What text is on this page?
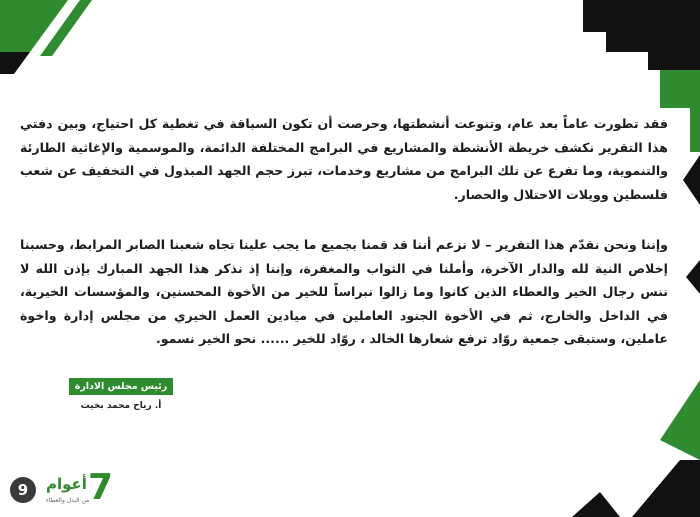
فقد تطورت عاماً بعد عام، وتنوعت أنشطتها، وحرصت أن تكون السباقة في تغطية كل احتياج، وبين دفتي هذا التقرير نكشف خريطة الأنشطة والمشاريع في البرامج المختلفة الدائمة، والموسمية والإغاثية الطارئة والتنموية، وما تفرع عن تلك البرامج من مشاريع وخدمات، تبرز حجم الجهد المبذول في التخفيف عن شعب فلسطين وويلات الاحتلال والحصار.

وإننا ونحن نقدّم هذا التقرير – لا نزعم أننا قد قمنا بجميع ما يجب علينا تجاه شعبنا الصابر المرابط، وحسبنا إخلاص النية لله والدار الآخرة، وأملنا في الثواب والمغفرة، وإننا إذ نذكر هذا الجهد المبارك بإذن الله لا ننس رجال الخير والعطاء الذين كانوا وما زالوا نبراساً للخير من الأخوة المحسنين، والمؤسسات الخيرية، في الداخل والخارج، ثم في الأخوة الجنود العاملين في ميادين العمل الخيري من مجلس إدارة واخوة عاملين، وستبقى جمعية روّاد ترفع شعارها الخالد ، روّاد للخير ...... نحو الخير نسمو.

رئيس مجلس الادارة
أ. رباح محمد بخيت
9	أعوام
من البذل والعطاء
7
